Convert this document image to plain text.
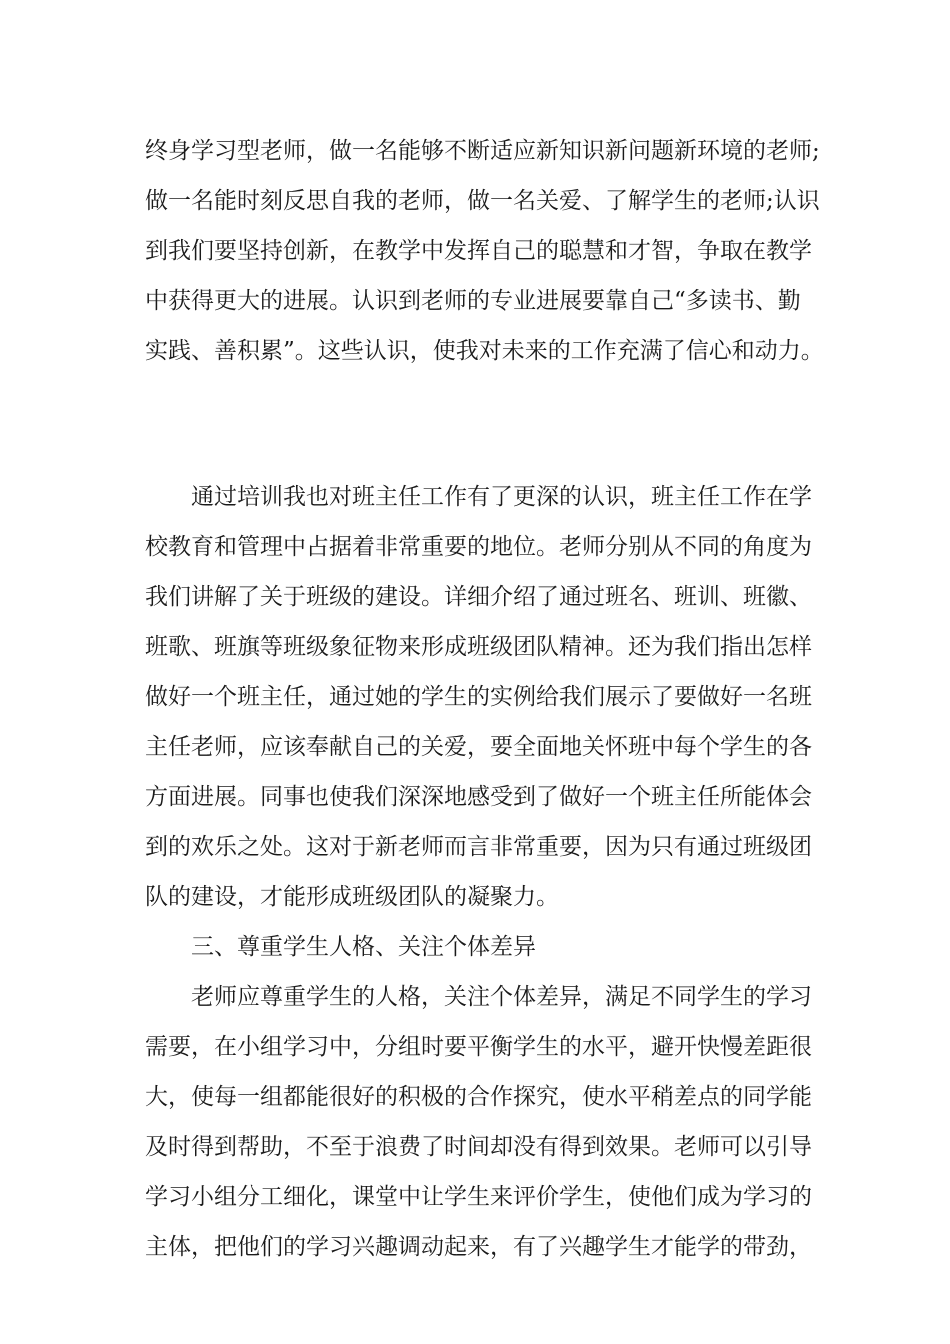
终身学习型老师，做一名能够不断适应新知识新问题新环境的老师;
做一名能时刻反思自我的老师，做一名关爱、了解学生的老师;认识
到我们要坚持创新，在教学中发挥自己的聪慧和才智，争取在教学
中获得更大的进展。认识到老师的专业进展要靠自己“多读书、勤
实践、善积累”。这些认识，使我对未来的工作充满了信心和动力。
通过培训我也对班主任工作有了更深的认识，班主任工作在学
校教育和管理中占据着非常重要的地位。老师分别从不同的角度为
我们讲解了关于班级的建设。详细介绍了通过班名、班训、班徽、
班歌、班旗等班级象征物来形成班级团队精神。还为我们指出怎样
做好一个班主任，通过她的学生的实例给我们展示了要做好一名班
主任老师，应该奉献自己的关爱，要全面地关怀班中每个学生的各
方面进展。同事也使我们深深地感受到了做好一个班主任所能体会
到的欢乐之处。这对于新老师而言非常重要，因为只有通过班级团
队的建设，才能形成班级团队的凝聚力。
三、尊重学生人格、关注个体差异
老师应尊重学生的人格，关注个体差异，满足不同学生的学习
需要，在小组学习中，分组时要平衡学生的水平，避开快慢差距很
大，使每一组都能很好的积极的合作探究，使水平稍差点的同学能
及时得到帮助，不至于浪费了时间却没有得到效果。老师可以引导
学习小组分工细化，课堂中让学生来评价学生，使他们成为学习的
主体，把他们的学习兴趣调动起来，有了兴趣学生才能学的带劲，
